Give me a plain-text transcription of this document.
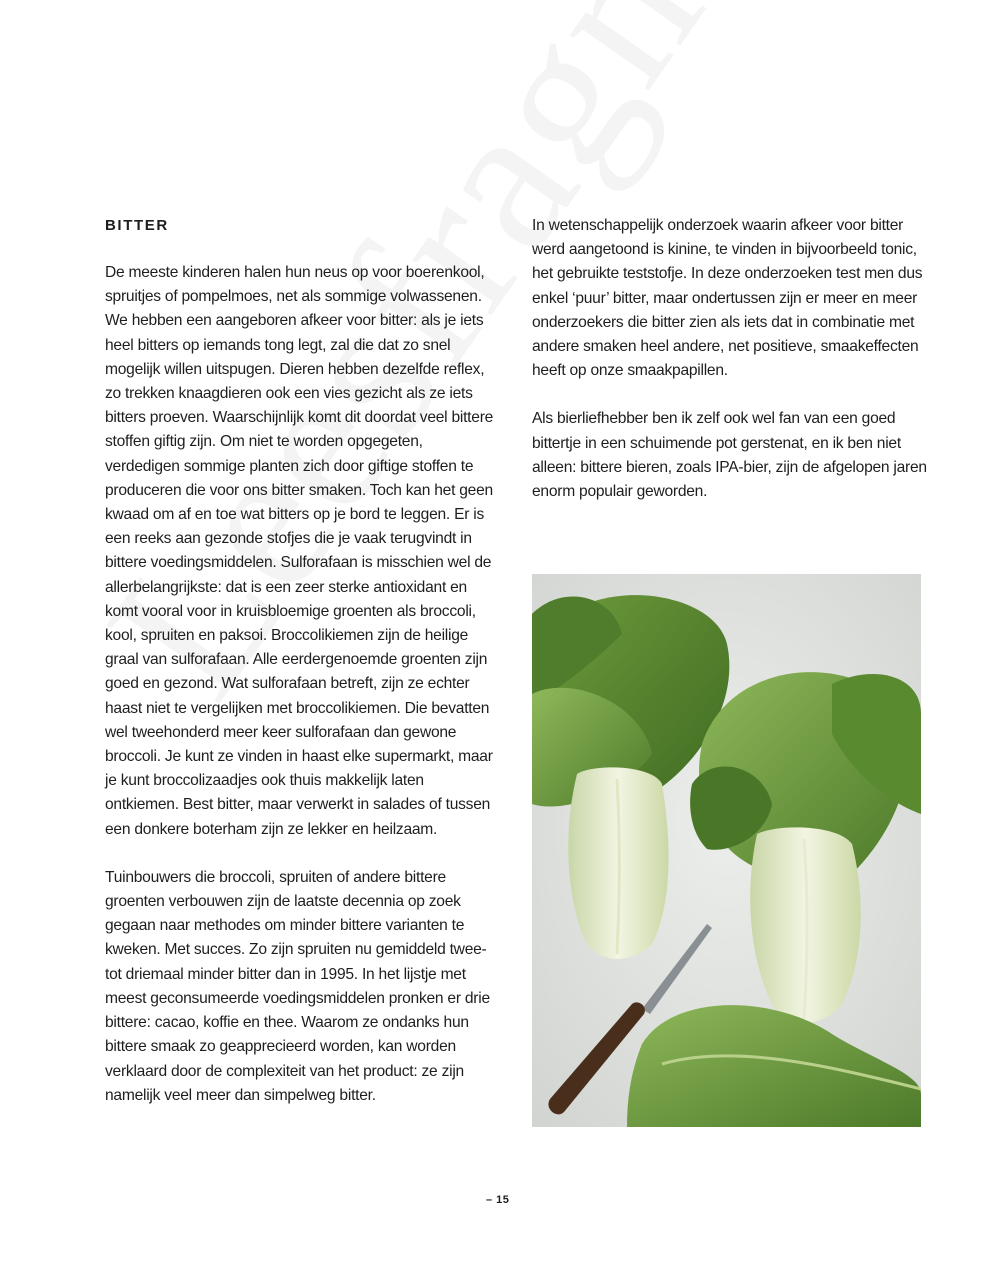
BITTER

De meeste kinderen halen hun neus op voor boerenkool, spruitjes of pompelmoes, net als sommige volwassenen. We hebben een aangeboren afkeer voor bitter: als je iets heel bitters op iemands tong legt, zal die dat zo snel mogelijk willen uitspugen. Dieren hebben dezelfde reflex, zo trekken knaagdieren ook een vies gezicht als ze iets bitters proeven. Waarschijnlijk komt dit doordat veel bittere stoffen giftig zijn. Om niet te worden opgegeten, verdedigen sommige planten zich door giftige stoffen te produceren die voor ons bitter smaken. Toch kan het geen kwaad om af en toe wat bitters op je bord te leggen. Er is een reeks aan gezonde stofjes die je vaak terugvindt in bittere voedingsmiddelen. Sulforafaan is misschien wel de allerbelangrijkste: dat is een zeer sterke antioxidant en komt vooral voor in kruisbloemige groenten als broccoli, kool, spruiten en paksoi. Broccolikiemen zijn de heilige graal van sulforafaan. Alle eerdergenoemde groenten zijn goed en gezond. Wat sulforafaan betreft, zijn ze echter haast niet te vergelijken met broccolikiemen. Die bevatten wel tweehonderd meer keer sulforafaan dan gewone broccoli. Je kunt ze vinden in haast elke supermarkt, maar je kunt broccolizaadjes ook thuis makkelijk laten ontkiemen. Best bitter, maar verwerkt in salades of tussen een donkere boterham zijn ze lekker en heilzaam.

Tuinbouwers die broccoli, spruiten of andere bittere groenten verbouwen zijn de laatste decennia op zoek gegaan naar methodes om minder bittere varianten te kweken. Met succes. Zo zijn spruiten nu gemiddeld twee- tot driemaal minder bitter dan in 1995. In het lijstje met meest geconsumeerde voedingsmiddelen pronken er drie bittere: cacao, koffie en thee. Waarom ze ondanks hun bittere smaak zo geapprecieerd worden, kan worden verklaard door de complexiteit van het product: ze zijn namelijk veel meer dan simpelweg bitter.

In wetenschappelijk onderzoek waarin afkeer voor bitter werd aangetoond is kinine, te vinden in bijvoorbeeld tonic, het gebruikte teststofje. In deze onderzoeken test men dus enkel ‘puur’ bitter, maar ondertussen zijn er meer en meer onderzoekers die bitter zien als iets dat in combinatie met andere smaken heel andere, net positieve, smaakeffecten heeft op onze smaakpapillen.

Als bierliefhebber ben ik zelf ook wel fan van een goed bittertje in een schuimende pot gerstenat, en ik ben niet alleen: bittere bieren, zoals IPA-bier, zijn de afgelopen jaren enorm populair geworden.

– 15
